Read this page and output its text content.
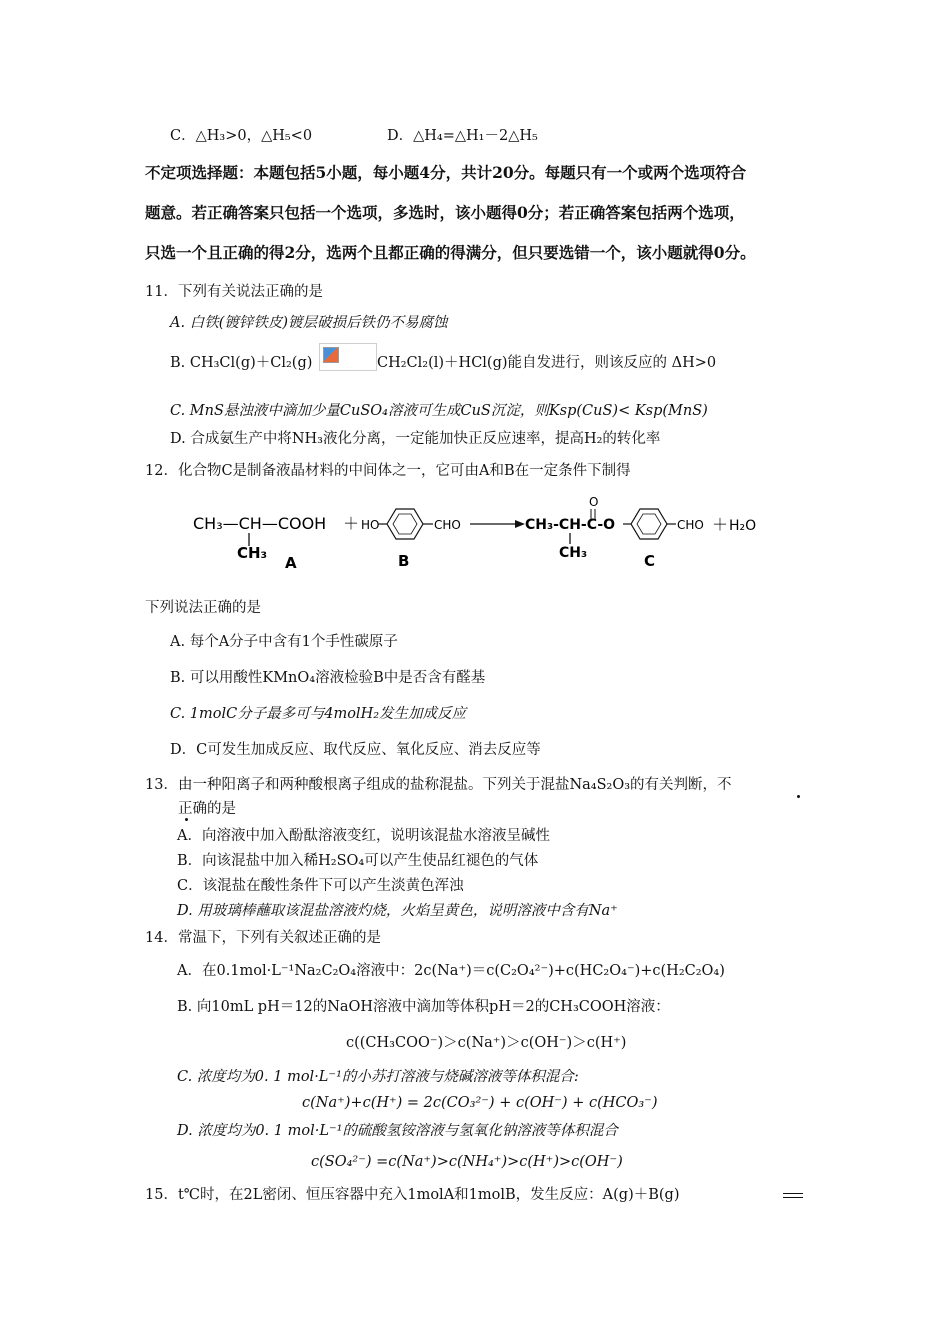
C．△H₃>0，△H₅<0	D．△H₄=△H₁－2△H₅
不定项选择题：本题包括5小题，每小题4分，共计20分。每题只有一个或两个选项符合
题意。若正确答案只包括一个选项，多选时，该小题得0分；若正确答案包括两个选项，
只选一个且正确的得2分，选两个且都正确的得满分，但只要选错一个，该小题就得0分。
11．下列有关说法正确的是
A. 白铁(镀锌铁皮)镀层破损后铁仍不易腐蚀
B. CH₃Cl(g)＋Cl₂(g)	CH₂Cl₂(l)＋HCl(g)能自发进行，则该反应的 ΔH>0
C. MnS悬浊液中滴加少量CuSO₄溶液可生成CuS沉淀，则Ksp(CuS)< Ksp(MnS)
D. 合成氨生产中将NH₃液化分离，一定能加快正反应速率，提高H₂的转化率
12．化合物C是制备液晶材料的中间体之一，它可由A和B在一定条件下制得
CH₃—CH—COOH
CH₃
＋ HO	CHO	CH₃-CH-C-O
O
CH₃
CHO ＋ H₂O
A	B	C
下列说法正确的是
A. 每个A分子中含有1个手性碳原子
B. 可以用酸性KMnO₄溶液检验B中是否含有醛基
C. 1molC分子最多可与4molH₂发生加成反应
D．C可发生加成反应、取代反应、氧化反应、消去反应等
13．由一种阳离子和两种酸根离子组成的盐称混盐。下列关于混盐Na₄S₂O₃的有关判断，不
正确的是
A．向溶液中加入酚酞溶液变红，说明该混盐水溶液呈碱性
B．向该混盐中加入稀H₂SO₄可以产生使品红褪色的气体
C．该混盐在酸性条件下可以产生淡黄色浑浊
D. 用玻璃棒蘸取该混盐溶液灼烧，火焰呈黄色，说明溶液中含有Na⁺
14．常温下，下列有关叙述正确的是
A．在0.1mol·L⁻¹Na₂C₂O₄溶液中：2c(Na⁺)＝c(C₂O₄²⁻)+c(HC₂O₄⁻)+c(H₂C₂O₄)
B. 向10mL pH＝12的NaOH溶液中滴加等体积pH＝2的CH₃COOH溶液：
c((CH₃COO⁻)＞c(Na⁺)＞c(OH⁻)＞c(H⁺)
C. 浓度均为0. 1 mol·L⁻¹的小苏打溶液与烧碱溶液等体积混合:
c(Na⁺)+c(H⁺) = 2c(CO₃²⁻) + c(OH⁻) + c(HCO₃⁻)
D. 浓度均为0. 1 mol·L⁻¹的硫酸氢铵溶液与氢氧化钠溶液等体积混合
c(SO₄²⁻) =c(Na⁺)>c(NH₄⁺)>c(H⁺)>c(OH⁻)
15．t℃时，在2L密闭、恒压容器中充入1molA和1molB，发生反应：A(g)＋B(g)
